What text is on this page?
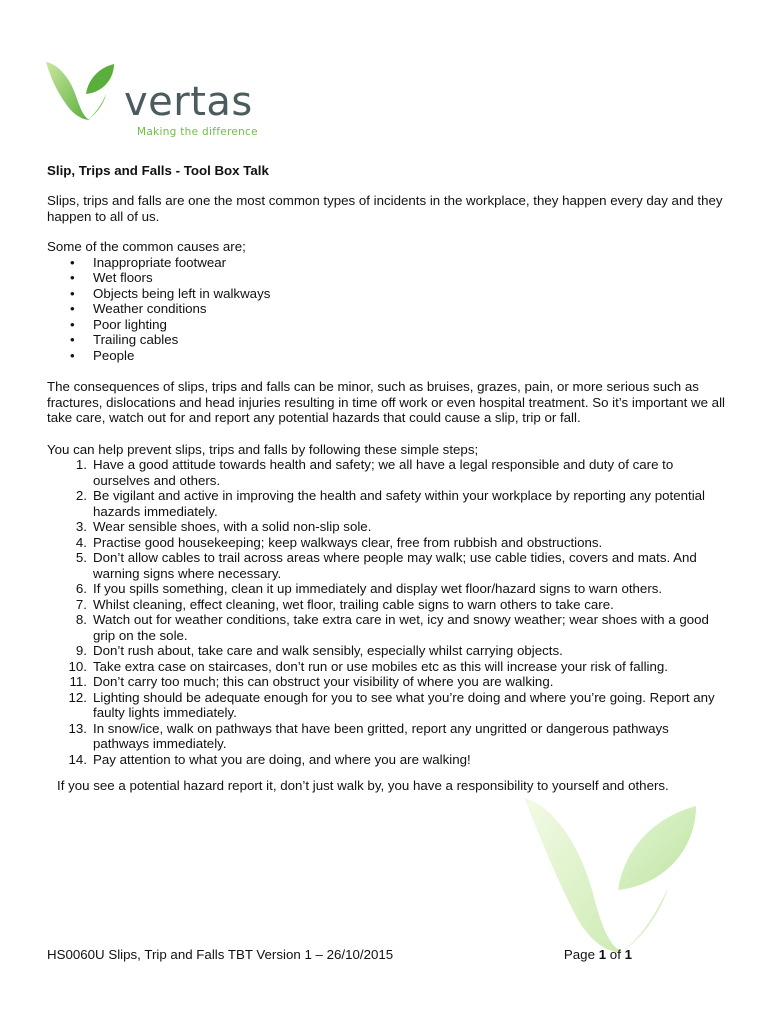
vertas
Making the difference
Slip, Trips and Falls - Tool Box Talk

Slips, trips and falls are one the most common types of incidents in the workplace, they happen every day and they happen to all of us.

Some of the common causes are;

• Inappropriate footwear
• Wet floors
• Objects being left in walkways
• Weather conditions
• Poor lighting
• Trailing cables
• People

The consequences of slips, trips and falls can be minor, such as bruises, grazes, pain, or more serious such as fractures, dislocations and head injuries resulting in time off work or even hospital treatment. So it’s important we all take care, watch out for and report any potential hazards that could cause a slip, trip or fall.

You can help prevent slips, trips and falls by following these simple steps;

1. Have a good attitude towards health and safety; we all have a legal responsible and duty of care to ourselves and others.
2. Be vigilant and active in improving the health and safety within your workplace by reporting any potential hazards immediately.
3. Wear sensible shoes, with a solid non-slip sole.
4. Practise good housekeeping; keep walkways clear, free from rubbish and obstructions.
5. Don’t allow cables to trail across areas where people may walk; use cable tidies, covers and mats. And warning signs where necessary.
6. If you spills something, clean it up immediately and display wet floor/hazard signs to warn others.
7. Whilst cleaning, effect cleaning, wet floor, trailing cable signs to warn others to take care.
8. Watch out for weather conditions, take extra care in wet, icy and snowy weather; wear shoes with a good grip on the sole.
9. Don’t rush about, take care and walk sensibly, especially whilst carrying objects.
10. Take extra case on staircases, don’t run or use mobiles etc as this will increase your risk of falling.
11. Don’t carry too much; this can obstruct your visibility of where you are walking.
12. Lighting should be adequate enough for you to see what you’re doing and where you’re going. Report any faulty lights immediately.
13. In snow/ice, walk on pathways that have been gritted, report any ungritted or dangerous pathways pathways immediately.
14. Pay attention to what you are doing, and where you are walking!

If you see a potential hazard report it, don’t just walk by, you have a responsibility to yourself and others.

HS0060U Slips, Trip and Falls TBT Version 1 – 26/10/2015	Page 1 of 1
